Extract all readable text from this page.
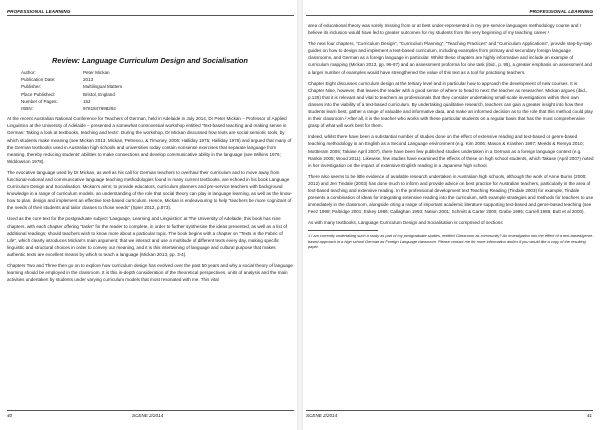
PROFESSIONAL LEARNING
Review: Language Curriculum Design and Socialisation
Author:	Peter Mickan
Publication Date:	2013
Publisher:	Multilingual Matters
Place Published:	Bristol, England
Number of Pages:	152
ISBN:	9781847698292

At the recent Australian National Conference for Teachers of German, held in Adelaide in July 2014, Dr Peter Mickan – Professor of Applied Linguistics at the University of Adelaide – presented a somewhat controversial workshop entitled 'Text-based teaching and making sense in German: Taking a look at textbooks, teaching and texts'. During the workshop, Dr Mickan discussed how texts are social semiotic tools, by which students make meaning (see Mickan 2013; Mickan, Petrescu, & Timoney, 2006; Halliday 1975; Halliday 1978) and argued that many of the German textbooks used in Australian high schools and universities today contain nonsense exercises that separate language from meaning, thereby reducing students' abilities to make connections and develop communicative ability in the language (see Wilkins 1976; Widdowson 1978).

The evocative language used by Dr Mickan, as well as his call for German teachers to overhaul their curriculum and to move away from functional-notional and communicative language teaching methodologies found in many current textbooks, are echoed in his book Language Curriculum Design and Socialisation. Mickan's aims: to provide educators, curriculum planners and pre-service teachers with background knowledge in a range of curriculum models, an understanding of the role that social theory can play in language learning, as well as the know-how to plan, design and implement an effective text-based curriculum. Hence, Mickan is endeavouring to help "teachers be more cognizant of the needs of their students and tailor classes to those needs" (Spier 2012, p.873).

Used as the core text for the postgraduate subject 'Language, Learning and Linguistics' at The University of Adelaide, this book has nine chapters, with each chapter offering "tasks" for the reader to complete, in order to further synthesise the ideas presented, as well as a list of additional readings; should teachers wish to know more about a particular topic. The book begins with a chapter on "Texts in the Fabric of Life", which clearly introduces Mickan's main argument; that we interact and use a multitude of different texts every day, making specific linguistic and structural choices in order to convey our meaning, and it is this intertwining of language and cultural purpose that makes authentic texts are excellent means by which to teach a language (Mickan 2013, pp. 3-4).

Chapters Two and Three then go on to explore how curriculum design has evolved over the past 50 years and why a social theory of language learning should be employed in the classroom. It is this in-depth consideration of the theoretical perspectives, units of analysis and the main activities undertaken by students under varying curriculum models that most resonated with me. This vital

40	SCENE 2/2014
PROFESSIONAL LEARNING

area of educational theory was sorely missing from or at best under-represented in my pre-service languages methodology course and I believe its inclusion would have led to greater outcomes for my students from the very beginning of my teaching career.¹

The next four chapters, "Curriculum Design", "Curriculum Planning", "Teaching Practices" and "Curriculum Applications", provide step-by-step guides on how to design and implement a text-based curriculum, including examples from primary and secondary foreign language classrooms, and German as a foreign language in particular. Whilst these chapters are highly informative and include an example of curriculum mapping (Mickan 2013, pp. 96-97) and an assessment proforma for one task (ibid., p. 95), a greater emphasis on assessment and a larger number of examples would have strengthened the value of this text as a tool for practising teachers.

Chapter Eight discusses curriculum design at the tertiary level and in particular how to approach the development of new courses. It is Chapter Nine, however, that leaves the reader with a good sense of where to head to next: the teacher as researcher. Mickan argues (ibid., p.125) that it is relevant and vital to teachers as professionals that they consider undertaking small-scale investigations within their own classes into the viability of a text-based curriculum. By undertaking qualitative research, teachers can gain a greater insight into how their students learn best, gather a range of valuable and informative data, and make an informed decision as to the role that this method could play in their classroom.² After all, it is the teacher who works with these particular students on a regular basis that has the most comprehensive grasp of what will work best for them.

Indeed, whilst there have been a substantial number of studies done on the effect of extensive reading and text-based or genre-based teaching methodology in an English as a Second Language environment (e.g. Kim 2006; Mason & Krashen 1997; Meeds & Remya 2010; Mottteram 2006; Takase April 2007), there have been few published studies undertaken in a German as a foreign language context (e.g. Rankin 2005; Wood 2011). Likewise, few studies have examined the effects of these on high school students, which Takase (April 2007) noted in her investigation on the impact of extensive English reading in a Japanese high school.

There also seems to be little evidence of available research undertaken in Australian high schools, although the work of Anne Burns (2000; 2012) and Jen Tindale (2003) has done much to inform and provide advice on best practice for Australian teachers, particularly in the area of text-based teaching and extensive reading. In the professional development text Teaching Reading (Tindale 2003) for example, Tindale presents a combination of ideas for integrating extensive reading into the curriculum, with example strategies and methods for teachers to use immediately in the classroom, alongside citing a range of important academic literature supporting text-based and genre-based teaching (see Feez 1998; Paltridge 2001; Eskey 1986; Callaghan 1993; Nation 2001; Schmitt & Carter 2000; Grabe 1995; Carrell 1988; Butt et al 2000).

As with many textbooks, Language Curriculum Design and Socialisation is comprised of sections

1 I am currently undertaking such a study as part of my postgraduate studies, entitled Classroom as community? An investigation into the effect of a text-based/genre-based approach in a high school German as Foreign Language classroom. Please contact me for more information and/or if you would like a copy of the resulting paper.
SCENE 2/2014	41
